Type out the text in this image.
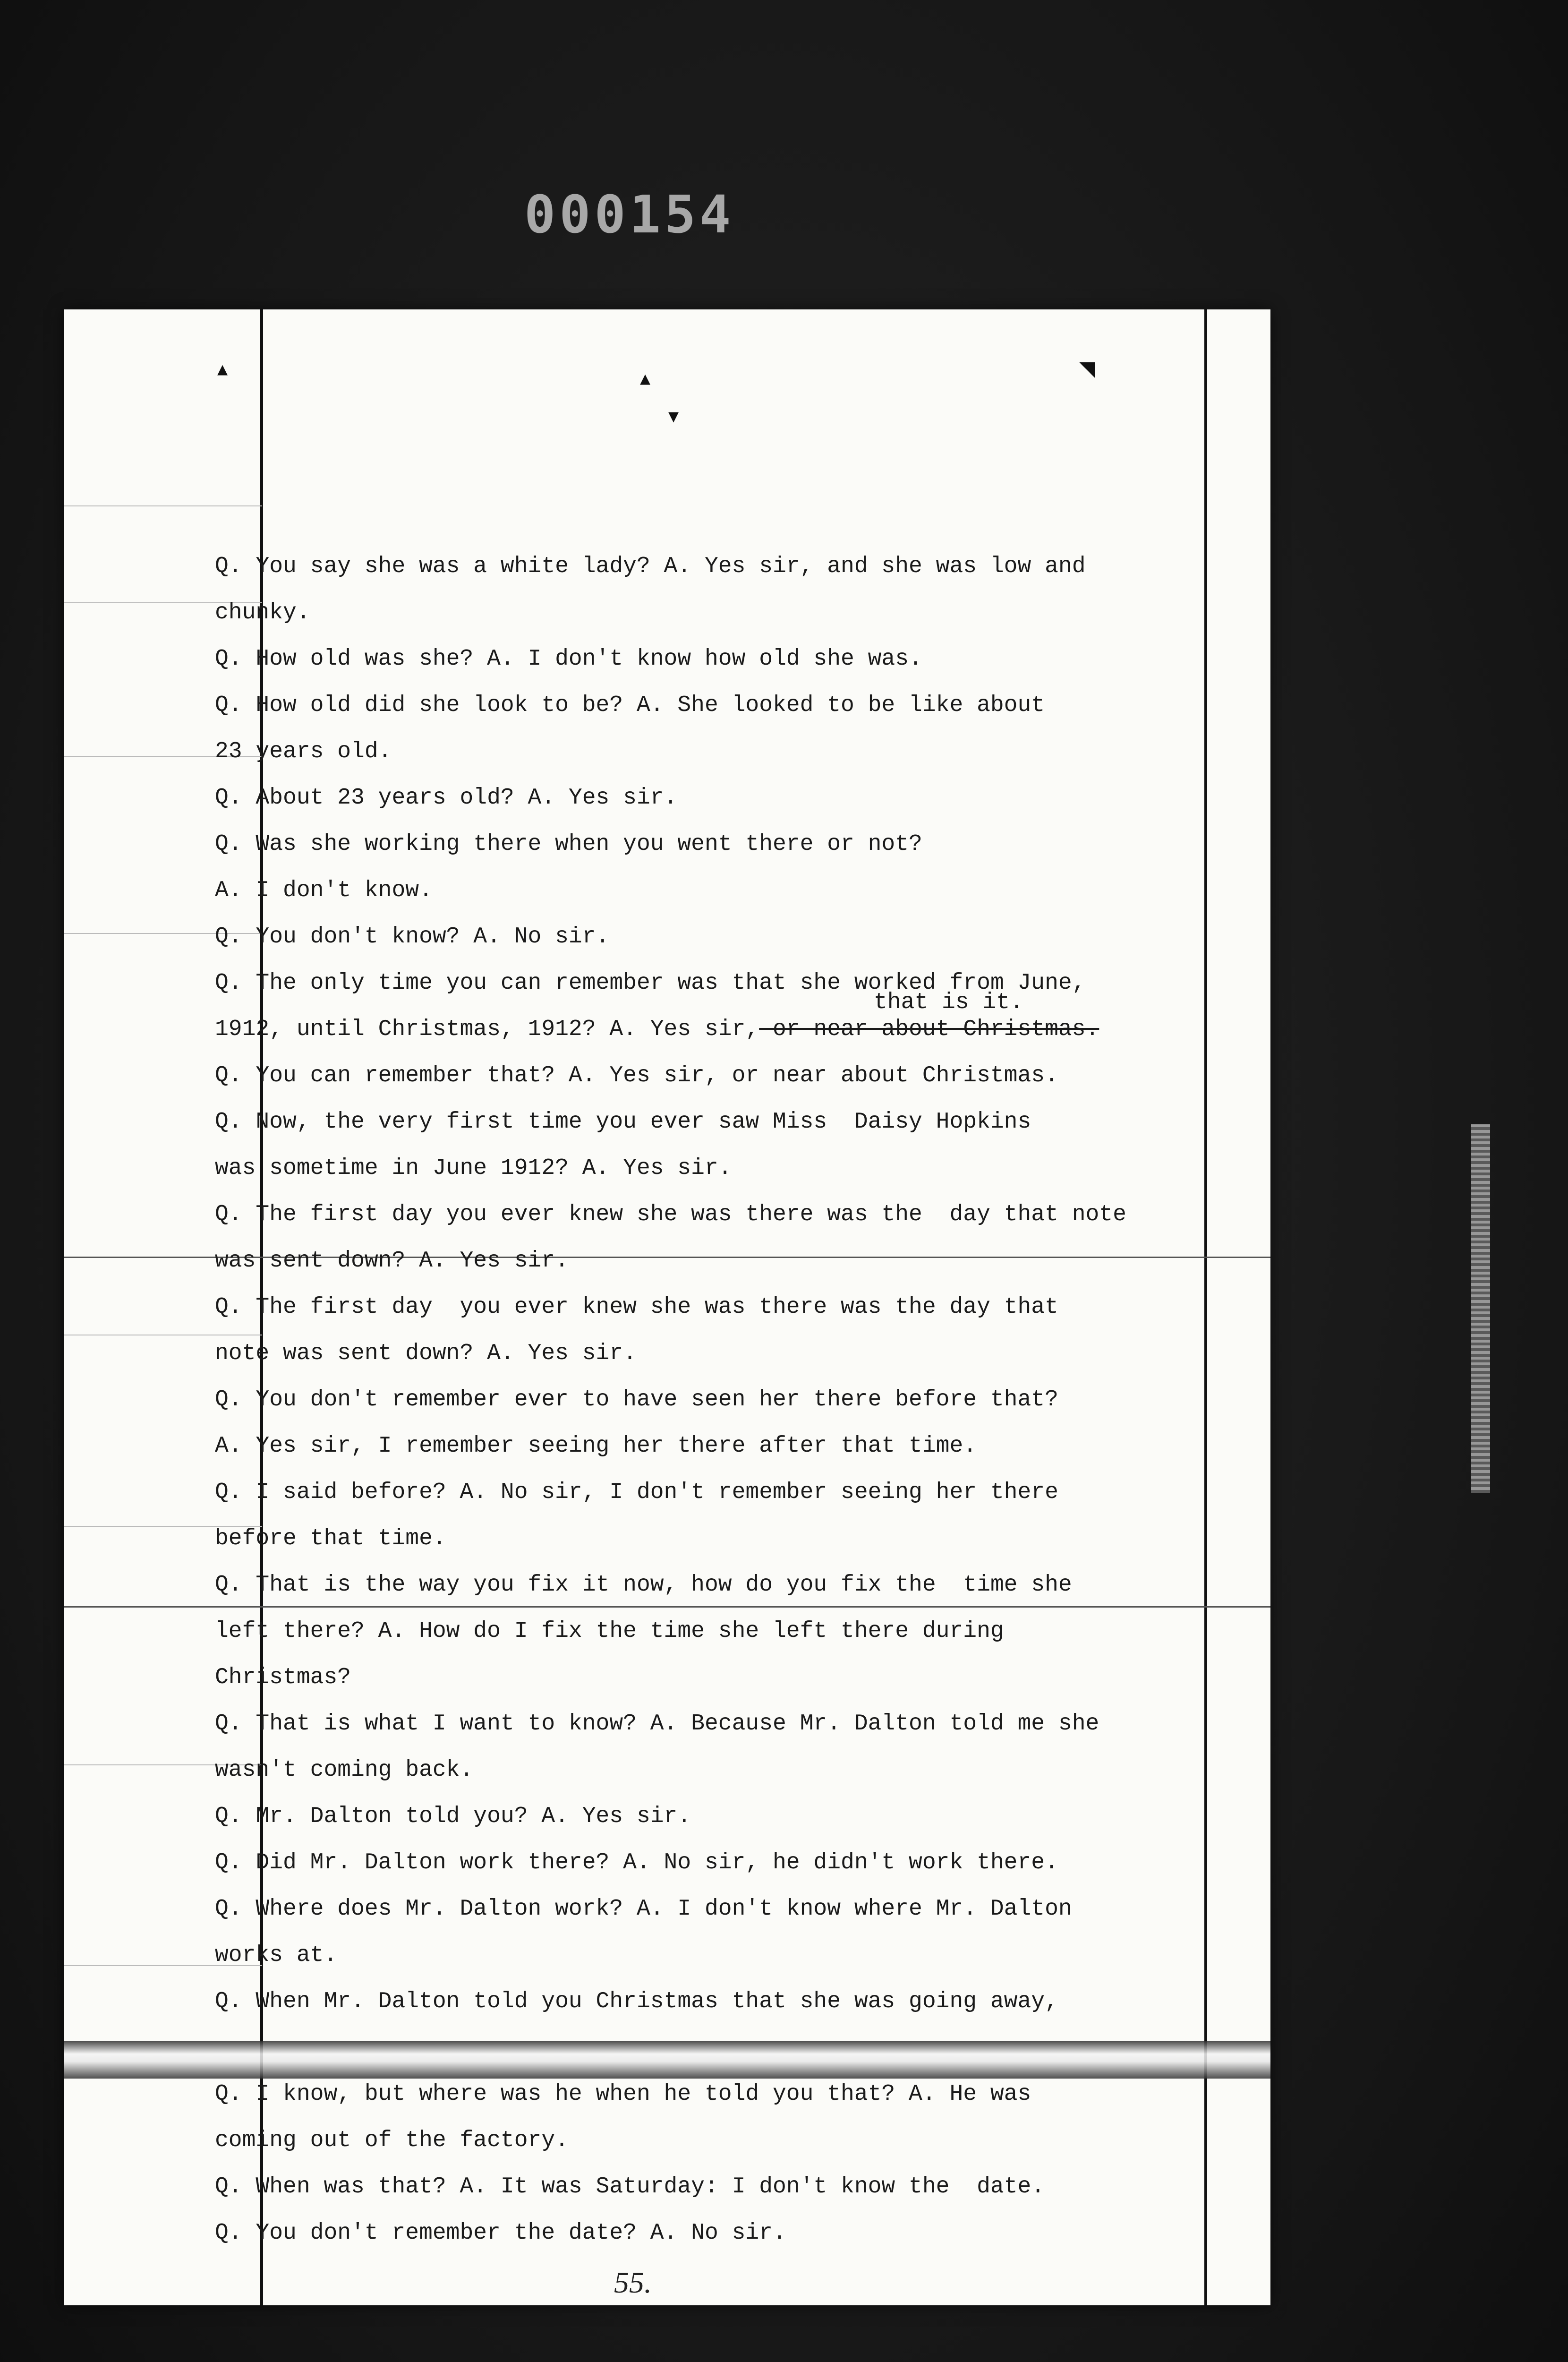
000154
▴	▴
▾
◥
that is it.
55.
Q. You say she was a white lady? A. Yes sir, and she was low and
chunky.
Q. How old was she? A. I don't know how old she was.
Q. How old did she look to be? A. She looked to be like about
23 years old.
Q. About 23 years old? A. Yes sir.
Q. Was she working there when you went there or not?
A. I don't know.
Q. You don't know? A. No sir.
Q. The only time you can remember was that she worked from June,
1912, until Christmas, 1912? A. Yes sir, or near about Christmas.
Q. You can remember that? A. Yes sir, or near about Christmas.
Q. Now, the very first time you ever saw Miss  Daisy Hopkins
was sometime in June 1912? A. Yes sir.
Q. The first day you ever knew she was there was the  day that note
was sent down? A. Yes sir.
Q. The first day  you ever knew she was there was the day that
note was sent down? A. Yes sir.
Q. You don't remember ever to have seen her there before that?
A. Yes sir, I remember seeing her there after that time.
Q. I said before? A. No sir, I don't remember seeing her there
before that time.
Q. That is the way you fix it now, how do you fix the  time she
left there? A. How do I fix the time she left there during
Christmas?
Q. That is what I want to know? A. Because Mr. Dalton told me she
wasn't coming back.
Q. Mr. Dalton told you? A. Yes sir.
Q. Did Mr. Dalton work there? A. No sir, he didn't work there.
Q. Where does Mr. Dalton work? A. I don't know where Mr. Dalton
works at.
Q. When Mr. Dalton told you Christmas that she was going away,
Q. I know, but where was he when he told you that? A. He was
coming out of the factory.
Q. When was that? A. It was Saturday: I don't know the  date.
Q. You don't remember the date? A. No sir.
